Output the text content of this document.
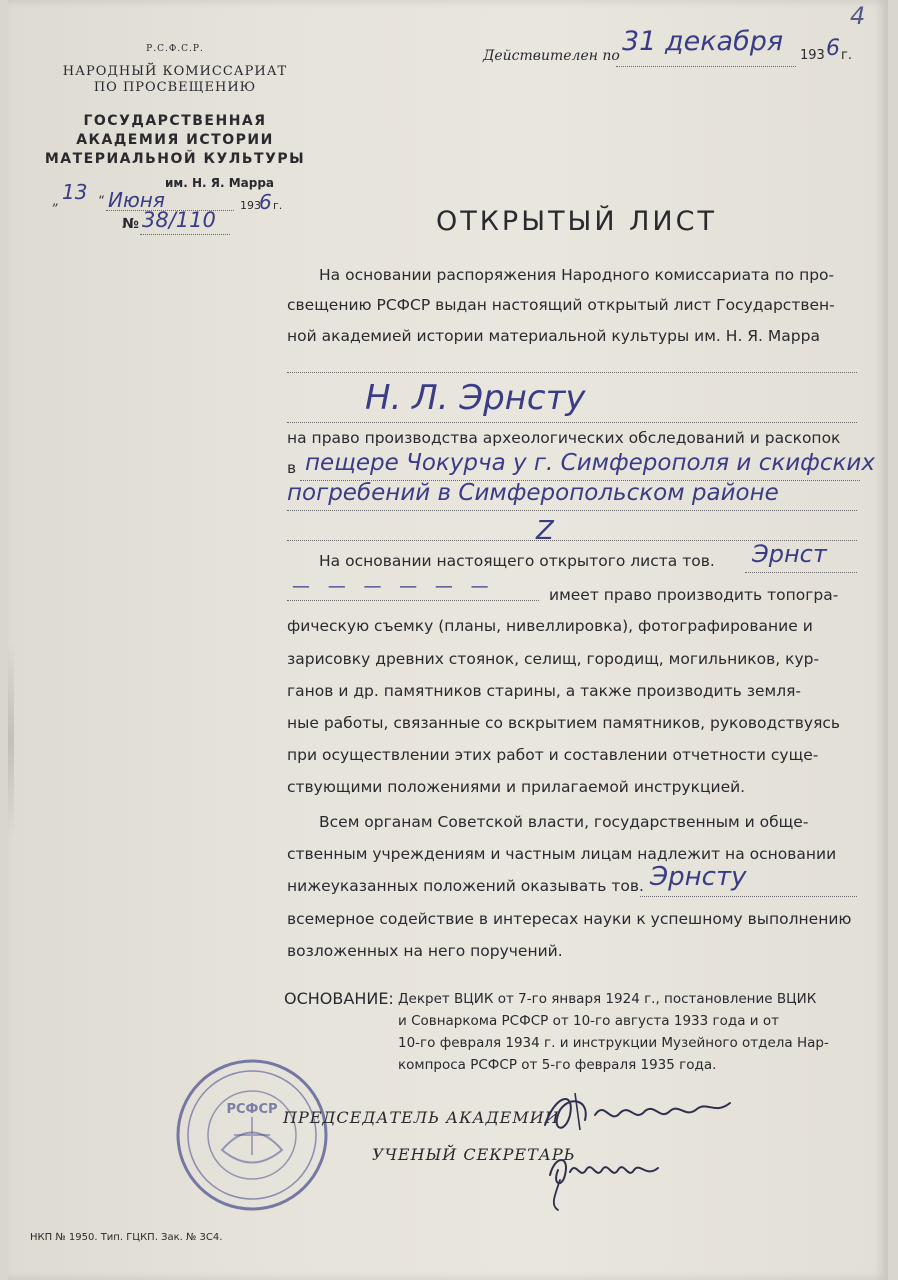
4
Р.С.Ф.С.Р.
НАРОДНЫЙ КОМИССАРИАТ
ПО ПРОСВЕЩЕНИЮ
ГОСУДАРСТВЕННАЯ
АКАДЕМИЯ ИСТОРИИ
МАТЕРИАЛЬНОЙ КУЛЬТУРЫ
им. Н. Я. Марра
13
„	“ Июня	193
6 г.
№ 38/110
Действителен по 31 декабря 193 6 г.
ОТКРЫТЫЙ ЛИСТ
На основании распоряжения Народного комиссариата по про-
свещению РСФСР выдан настоящий открытый лист Государствен-
ной академией истории материальной культуры им. Н. Я. Марра
Н. Л. Эрнсту
на право производства археологических обследований и раскопок
в пещере Чокурча у г. Симферополя и скифских
погребений в Симферопольском районе
Z
На основании настоящего открытого листа тов. Эрнст
— — — — — —	имеет право производить топогра-
фическую съемку (планы, нивеллировка), фотографирование и
зарисовку древних стоянок, селищ, городищ, могильников, кур-
ганов и др. памятников старины, а также производить земля-
ные работы, связанные со вскрытием памятников, руководствуясь
при осуществлении этих работ и составлении отчетности суще-
ствующими положениями и прилагаемой инструкцией.
Всем органам Советской власти, государственным и обще-
ственным учреждениям и частным лицам надлежит на основании
нижеуказанных положений оказывать тов. Эрнсту
всемерное содействие в интересах науки к успешному выполнению
возложенных на него поручений.
ОСНОВАНИЕ: Декрет ВЦИК от 7-го января 1924 г., постановление ВЦИК
и Совнаркома РСФСР от 10-го августа 1933 года и от
10-го февраля 1934 г. и инструкции Музейного отдела Нар-
компроса РСФСР от 5-го февраля 1935 года.
РСФСР ПРЕДСЕДАТЕЛЬ АКАДЕМИИ
УЧЕНЫЙ СЕКРЕТАРЬ
НКП № 1950. Тип. ГЦКП. Зак. № 3С4.
